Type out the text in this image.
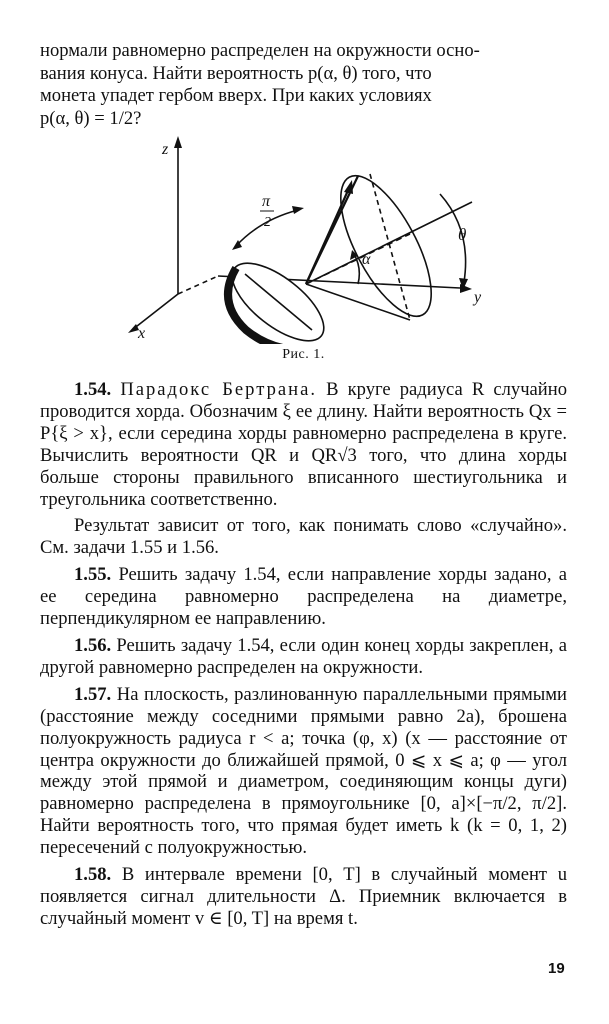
нормали равномерно распределен на окружности осно-
вания конуса. Найти вероятность p(α, θ) того, что
монета упадет гербом вверх. При каких условиях
p(α, θ) = 1/2?
z
x
y
π
2
α
θ
Рис. 1.

1.54. Парадокс Бертрана. В круге радиуса R случайно проводится хорда. Обозначим ξ ее длину. Найти вероятность Qx = P{ξ > x}, если середина хорды равномерно распределена в круге. Вычислить вероятности QR и QR√3 того, что длина хорды больше стороны правильного вписанного шестиугольника и треугольника соответственно.

Результат зависит от того, как понимать слово «случайно». См. задачи 1.55 и 1.56.

1.55. Решить задачу 1.54, если направление хорды задано, а ее середина равномерно распределена на диаметре, перпендикулярном ее направлению.

1.56. Решить задачу 1.54, если один конец хорды закреплен, а другой равномерно распределен на окружности.

1.57. На плоскость, разлинованную параллельными прямыми (расстояние между соседними прямыми равно 2a), брошена полуокружность радиуса r < a; точка (φ, x) (x — расстояние от центра окружности до ближайшей прямой, 0 ⩽ x ⩽ a; φ — угол между этой прямой и диаметром, соединяющим концы дуги) равномерно распределена в прямоугольнике [0, a]×[−π/2, π/2]. Найти вероятность того, что прямая будет иметь k (k = 0, 1, 2) пересечений с полуокружностью.

1.58. В интервале времени [0, T] в случайный момент u появляется сигнал длительности Δ. Приемник включается в случайный момент v ∈ [0, T] на время t.

19
